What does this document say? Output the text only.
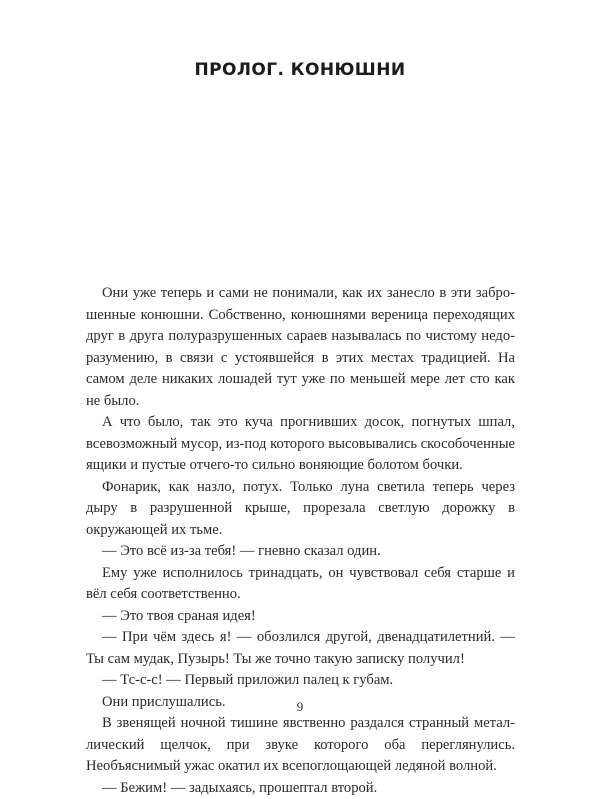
ПРОЛОГ. КОНЮШНИ

Они уже теперь и сами не понимали, как их занесло в эти заброшенные конюшни. Собственно, конюшнями вереница переходящих друг в друга полуразрушенных сараев называлась по чистому недоразумению, в связи с устоявшейся в этих местах традицией. На самом деле никаких лошадей тут уже по меньшей мере лет сто как не было.

А что было, так это куча прогнивших досок, погнутых шпал, всевозможный мусор, из-под которого высовывались скособоченные ящики и пустые отчего-то сильно воняющие болотом бочки.

Фонарик, как назло, потух. Только луна светила теперь через дыру в разрушенной крыше, прорезала светлую дорожку в окружающей их тьме.

— Это всё из-за тебя! — гневно сказал один.

Ему уже исполнилось тринадцать, он чувствовал себя старше и вёл себя соответственно.

— Это твоя сраная идея!

— При чём здесь я! — обозлился другой, двенадцатилетний. — Ты сам мудак, Пузырь! Ты же точно такую записку получил!

— Тс-с-с! — Первый приложил палец к губам.

Они прислушались.

В звенящей ночной тишине явственно раздался странный металлический щелчок, при звуке которого оба переглянулись. Необъяснимый ужас окатил их всепоглощающей ледяной волной.

— Бежим! — задыхаясь, прошептал второй.

9
